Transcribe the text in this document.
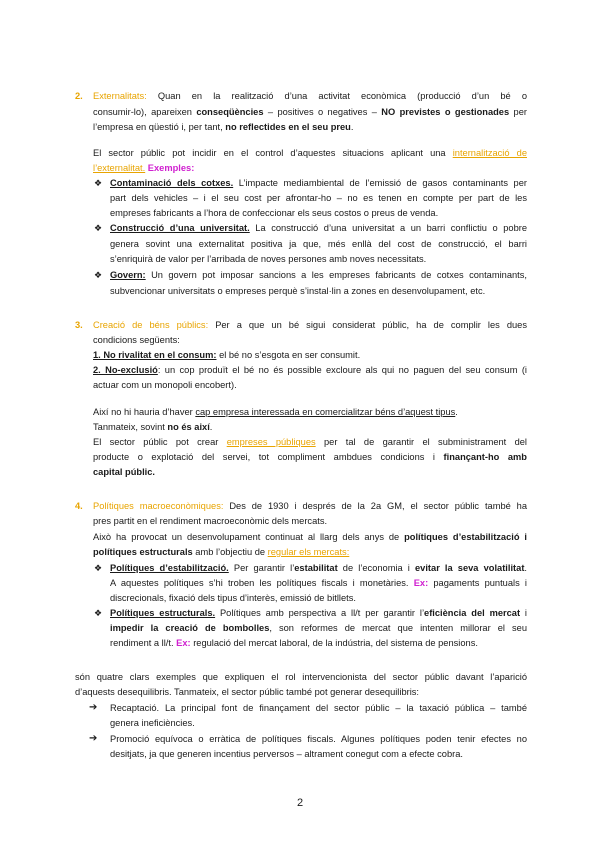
2. Externalitats: Quan en la realització d’una activitat econòmica (producció d’un bé o
consumir-lo), apareixen conseqüències – positives o negatives – NO previstes o gestionades per
l’empresa en qüestió i, per tant, no reflectides en el seu preu.
El sector públic pot incidir en el control d’aquestes situacions aplicant una internalització de
l’externalitat. Exemples:
❖ Contaminació dels cotxes. L’impacte mediambiental de l’emissió de gasos contaminants per
part dels vehicles – i el seu cost per afrontar-ho – no es tenen en compte per part de les
empreses fabricants a l’hora de confeccionar els seus costos o preus de venda.
❖ Construcció d’una universitat. La construcció d’una universitat a un barri conflictiu o pobre
genera sovint una externalitat positiva ja que, més enllà del cost de construcció, el barri
s’enriquirà de valor per l’arribada de noves persones amb noves necessitats.
❖ Govern: Un govern pot imposar sancions a les empreses fabricants de cotxes contaminants,
subvencionar universitats o empreses perquè s’instal·lin a zones en desenvolupament, etc.
3. Creació de béns públics: Per a que un bé sigui considerat públic, ha de complir les dues
condicions següents:
1. No rivalitat en el consum: el bé no s’esgota en ser consumit.
2. No-exclusió: un cop produït el bé no és possible excloure als qui no paguen del seu consum (i
actuar com un monopoli encobert).
Així no hi hauria d’haver cap empresa interessada en comercialitzar béns d’aquest tipus.
Tanmateix, sovint no és així.
El sector públic pot crear empreses públiques per tal de garantir el subministrament del
producte o explotació del servei, tot compliment ambdues condicions i finançant-ho amb
capital públic.
4. Polítiques macroeconòmiques: Des de 1930 i després de la 2a GM, el sector públic també ha
pres partit en el rendiment macroeconòmic dels mercats.
Això ha provocat un desenvolupament continuat al llarg dels anys de polítiques d’estabilització i
polítiques estructurals amb l’objectiu de regular els mercats:
❖ Polítiques d’estabilització. Per garantir l’estabilitat de l’economia i evitar la seva volatilitat.
A aquestes polítiques s’hi troben les polítiques fiscals i monetàries. Ex: pagaments puntuals i
discrecionals, fixació dels tipus d’interès, emissió de bitllets.
❖ Polítiques estructurals. Polítiques amb perspectiva a ll/t per garantir l’eficiència del mercat i
impedir la creació de bombolles, son reformes de mercat que intenten millorar el seu
rendiment a ll/t. Ex: regulació del mercat laboral, de la indústria, del sistema de pensions.
són quatre clars exemples que expliquen el rol intervencionista del sector públic davant l’aparició
d’aquests desequilibris. Tanmateix, el sector públic també pot generar desequilibris:
➔ Recaptació. La principal font de finançament del sector públic – la taxació pública – també
genera ineficiències.
➔ Promoció equívoca o erràtica de polítiques fiscals. Algunes polítiques poden tenir efectes no
desitjats, ja que generen incentius perversos – altrament conegut com a efecte cobra.
2
